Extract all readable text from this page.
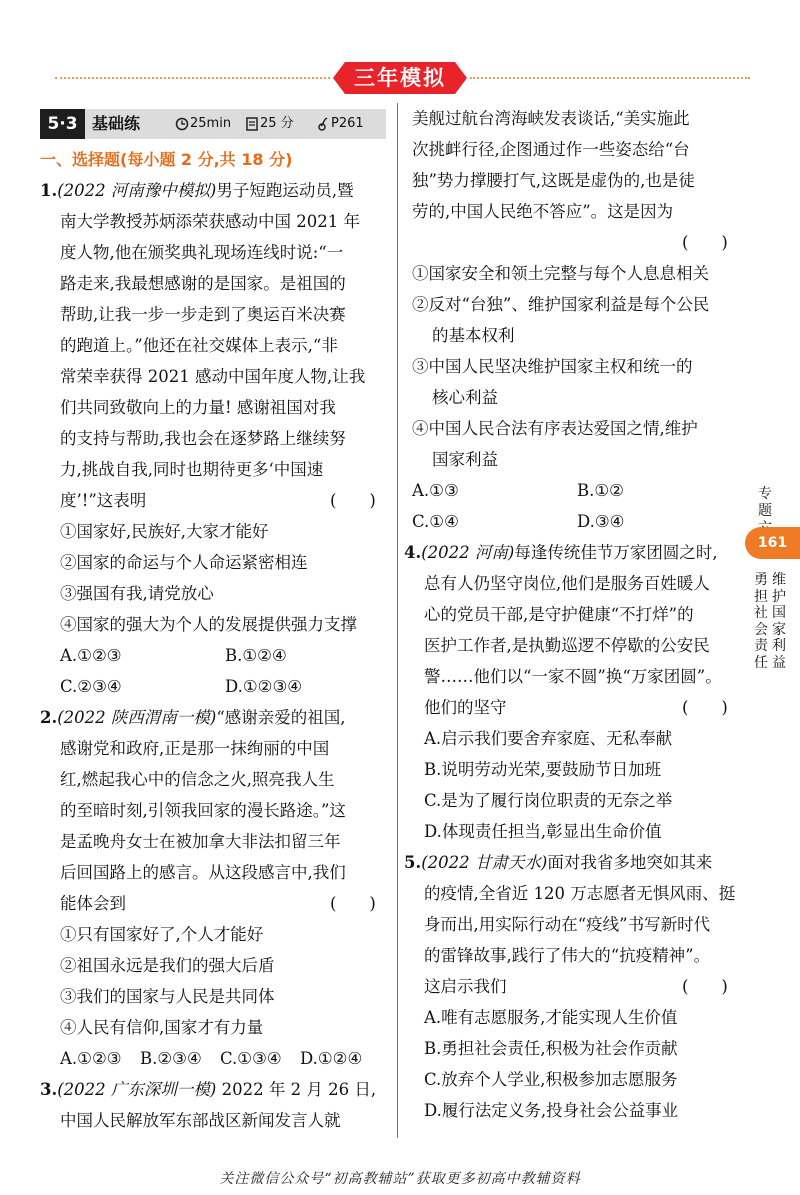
三年模拟
5·3 基础练	25min 25 分	P261
一、选择题(每小题 2 分,共 18 分)
1.(2022 河南豫中模拟)男子短跑运动员,暨
南大学教授苏炳添荣获感动中国 2021 年
度人物,他在颁奖典礼现场连线时说:“一
路走来,我最想感谢的是国家。是祖国的
帮助,让我一步一步走到了奥运百米决赛
的跑道上。”他还在社交媒体上表示,“非
常荣幸获得 2021 感动中国年度人物,让我
们共同致敬向上的力量! 感谢祖国对我
的支持与帮助,我也会在逐梦路上继续努
力,挑战自我,同时也期待更多‘中国速
度’!”这表明	(　　)
①国家好,民族好,大家才能好
②国家的命运与个人命运紧密相连
③强国有我,请党放心
④国家的强大为个人的发展提供强力支撑
A.①②③	B.①②④
C.②③④	D.①②③④
2.(2022 陕西渭南一模)“感谢亲爱的祖国,
感谢党和政府,正是那一抹绚丽的中国
红,燃起我心中的信念之火,照亮我人生
的至暗时刻,引领我回家的漫长路途。”这
是孟晚舟女士在被加拿大非法扣留三年
后回国路上的感言。从这段感言中,我们
能体会到	(　　)
①只有国家好了,个人才能好
②祖国永远是我们的强大后盾
③我们的国家与人民是共同体
④人民有信仰,国家才有力量
A.①②③ B.②③④ C.①③④ D.①②④
3.(2022 广东深圳一模) 2022 年 2 月 26 日,
中国人民解放军东部战区新闻发言人就
美舰过航台湾海峡发表谈话,“美实施此
次挑衅行径,企图通过作一些姿态给“台
独”势力撑腰打气,这既是虚伪的,也是徒
劳的,中国人民绝不答应”。这是因为
(　　)
①国家安全和领土完整与每个人息息相关
②反对“台独”、维护国家利益是每个公民
的基本权利
③中国人民坚决维护国家主权和统一的
核心利益
④中国人民合法有序表达爱国之情,维护
国家利益
A.①③	B.①②
C.①④	D.③④
4.(2022 河南)每逢传统佳节万家团圆之时,
总有人仍坚守岗位,他们是服务百姓暖人
心的党员干部,是守护健康“不打烊”的
医护工作者,是执勤巡逻不停歇的公安民
警……他们以“一家不圆”换“万家团圆”。
他们的坚守	(　　)
A.启示我们要舍弃家庭、无私奉献
B.说明劳动光荣,要鼓励节日加班
C.是为了履行岗位职责的无奈之举
D.体现责任担当,彰显出生命价值
5.(2022 甘肃天水)面对我省多地突如其来
的疫情,全省近 120 万志愿者无惧风雨、挺
身而出,用实际行动在“疫线”书写新时代
的雷锋故事,践行了伟大的“抗疫精神”。
这启示我们	(　　)
A.唯有志愿服务,才能实现人生价值
B.勇担社会责任,积极为社会作贡献
C.放弃个人学业,积极参加志愿服务
D.履行法定义务,投身社会公益事业
专题
161
勇担社会责任
维护国家利益
关注微信公众号“初高教辅站”获取更多初高中教辅资料
